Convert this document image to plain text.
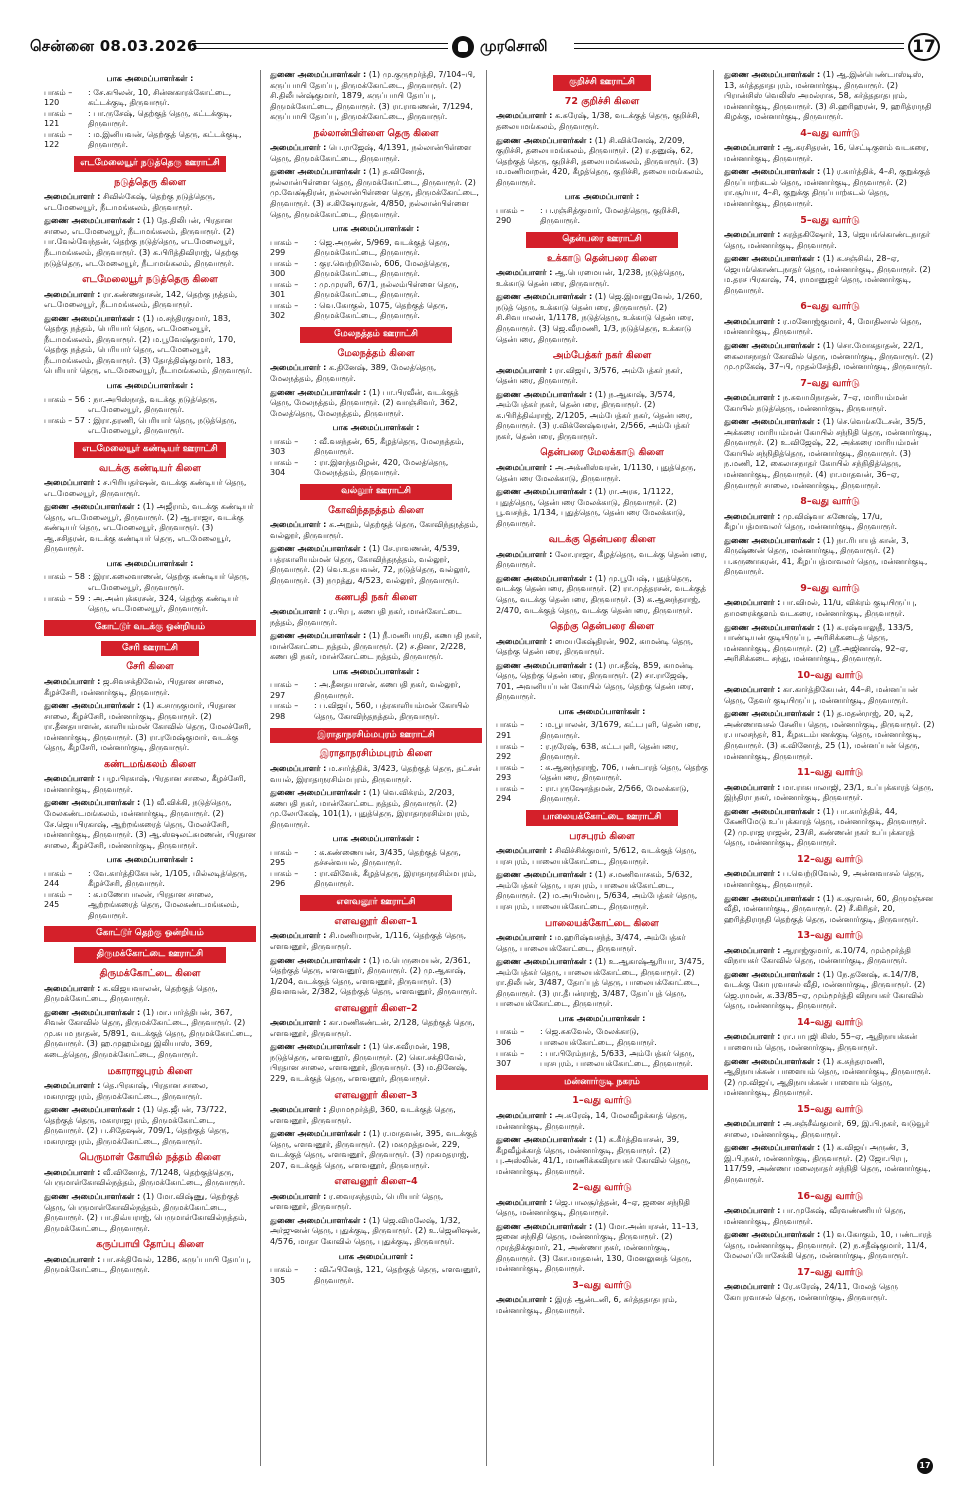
சென்னை 08.03.2026	முரசொலி	17
பாக அமைப்பாளர்கள் :
பாகம் – 120
: சே.கபிலன், 10, சின்னகாரக்கோட்டை, கட்டக்குடி, திருவாரூர்.
பாகம் – 121
: பா.ருசேஷ், தெற்குத் தெரு, கட்டக்குடி, திருவாரூர்.
பாகம் – 122
: ம.இனியவன், தெற்குத் தெரு, கட்டக்குடி, திருவாரூர்.
எடமேலையூர் நடுத்தெரு ஊராட்சி
நடுத்தெரு கிளை
அமைப்பாளர் : சிவில்கேஷ், தெற்கு நடுத்தெரு, எடமேலையூர், நீடாமங்கலம், திருவாரூர்.
துணை அமைப்பாளர்கள் : (1) தே.திலிபன், பிரதான சாலை, எடமேலையூர், நீடாமங்கலம், திருவாரூர். (2) பா.வேல்வேந்தன், தெற்கு நடுத்தெரு, எடமேலையூர், நீடாமங்கலம், திருவாரூர். (3) க.பிரித்திவிராஜ், தெற்கு நடுத்தெரு, எடமேலையூர், நீடாமங்கலம், திருவாரூர்.
எடமேலையூர் நடுத்தெரு கிளை
அமைப்பாளர் : ரா.கண்ணதாசன், 142, தெற்கு நத்தம், எடமேலையூர், நீடாமங்கலம், திருவாரூர்.
துணை அமைப்பாளர்கள் : (1) ம.சந்திரகுமார், 183, தெற்கு நத்தம், பெரியார் தெரு, எடமேலையூர், நீடாமங்கலம், திருவாரூர். (2) ம.பூவேஷ்குமார், 170, தெற்கு நத்தம், பெரியார் தெரு, எடமேலையூர், நீடாமங்கலம், திருவாரூர். (3) தோத்திஷ்குமார், 183, பெரியார் தெரு, எடமேலையூர், நீடாமங்கலம், திருவாரூர்.
பாக அமைப்பாளர்கள் :
பாகம் – 56 : நா.அபிஸ்நாத், வடக்கு நடுத்தெரு, எடமேலையூர், திருவாரூர்.
பாகம் – 57 : இரா.தரணி, பெரியார் தெரு, நடுத்தெரு, எடமேலையூர், திருவாரூர்.
எடமேலையூர் கண்டியர் ஊராட்சி
வடக்கு கண்டியர் கிளை
அமைப்பாளர் : ச.பிரியதர்ஷன், வடக்கு கண்டியர் தெரு, எடமேலையூர், திருவாரூர்.
துணை அமைப்பாளர்கள் : (1) அஜீராம், வடக்கு கண்டியர் தெரு, எடமேலையூர், திருவாரூர். (2) ஆ.ராஜா, வடக்கு கண்டியர் தெரு, எடமேலையூர், திருவாரூர். (3) ஆ.சசிதரன், வடக்கு கண்டியர் தெரு, எடமேலையூர், திருவாரூர்.
பாக அமைப்பாளர்கள் :
பாகம் – 58 : இரா.கலைவாணன், தெற்கு கண்டியர் தெரு, எடமேலையூர், திருவாரூர்.
பாகம் – 59 : அ.அன்புக்கரசன், 324, தெற்கு கண்டியர் தெரு, எடமேலையூர், திருவாரூர்.
கோட்டூர் வடக்கு ஒன்றியம்
சேரி ஊராட்சி
சேரி கிளை
அமைப்பாளர் : ஜ.சிவசக்திவேல், பிரதான சாலை, கீழச்சேரி, மன்னார்குடி, திருவாரூர்.
துணை அமைப்பாளர்கள் : (1) க.சாருகுமார், பிரதான சாலை, கீழச்சேரி, மன்னார்குடி, திருவாரூர். (2) ரா.தீனதயாளன், காளியம்மன் கோவில் தெரு, மேலச்சேரி, மன்னார்குடி, திருவாரூர். (3) ரா.ரமேஷ்குமார், வடக்கு தெரு, கீழசேரி, மன்னார்குடி, திருவாரூர்.
கண்டமங்கலம் கிளை
அமைப்பாளர் : பழ.பிரகாஷ், பிரதான சாலை, கீழச்சேரி, மன்னார்குடி, திருவாரூர்.
துணை அமைப்பாளர்கள் : (1) வீ.விக்கி, நடுத்தெரு, மேலகண்டமங்கலம், மன்னார்குடி, திருவாரூர். (2) சே.ஜெயபிரகாஷ், ஆற்றங்கரைத் தெரு, மேலச்சேரி, மன்னார்குடி, திருவாரூர். (3) ஆ.ஸ்ஷலட்சுமணன், பிரதான சாலை, கீழச்சேரி, மன்னார்குடி, திருவாரூர்.
பாக அமைப்பாளர்கள் :
பாகம் – 244
: வே.கார்த்திகேயன், 1/105, மில்லடித்தெரு, கீழச்சேரி, திருவாரூர்.
பாகம் – 245
: க.மணோபாலன், பிரதான சாலை, ஆற்றங்கரைத் தெரு, மேலகண்டமங்கலம், திருவாரூர்.
கோட்டூர் தெற்கு ஒன்றியம்
திருமக்கோட்டை ஊராட்சி
திருமக்கோட்டை கிளை
அமைப்பாளர் : க.விஜயவாலன், தெற்குத் தெரு, திருமக்கோட்டை, திருவாரூர்.
துணை அமைப்பாளர்கள் : (1) மா.பார்த்திபன், 367, சிவன் கோவில் தெரு, திருமக்கோட்டை, திருவாரூர். (2) மு.சுபம நாதன், 5/891, வடக்குத் தெரு, திருமக்கோட்டை, திருவாரூர். (3) ஹ.முஹம்மது இலியாஸ், 369, கடைத்தெரு, திருமக்கோட்டை, திருவாரூர்.
மகாராஜபுரம் கிளை
அமைப்பாளர் : தெ.பிரகாஷ், பிரதான சாலை, மகாராஜபுரம், திருமக்கோட்டை, திருவாரூர்.
துணை அமைப்பாளர்கள் : (1) தெ.ஜீபன், 73/722, தெற்குத் தெரு, மகாராஜபுரம், திருமக்கோட்டை, திருவாரூர். (2) ப.சிதேஷன், 709/1, தெற்குத் தெரு, மகாராஜபுரம், திருமக்கோட்டை, திருவாரூர்.
பெருமாள் கோயில் நத்தம் கிளை
அமைப்பாளர் : வீ.வினோத், 7/1248, தெற்குத்தெரு, பெருமாள்கோவில்நத்தம், திருமக்கோட்டை, திருவாரூர்.
துணை அமைப்பாளர்கள் : (1) மோ.விஷ்ணு, தெற்குத் தெரு, பெருமாள்கோவில்நத்தம், திருமக்கோட்டை, திருவாரூர். (2) பா.திவ்யராஜ், பெருமாள்கோவில்நத்தம், திருமக்கோட்டை, திருவாரூர்.
கருப்பாயி தோப்பு கிளை
அமைப்பாளர் : பா.சக்திவேல், 1286, கருப்பாயி தோப்பு, திருமக்கோட்டை, திருவாரூர்.
துணை அமைப்பாளர்கள் : (1) மு.குருமூர்த்தி, 7/104–பி, கருப்பாயி தோப்பு, திருமக்கோட்டை, திருவாரூர். (2) சி.திலீபன்ஷ்குமார், 1879, கருப்பாயி தோப்பு, திருமக்கோட்டை, திருவாரூர். (3) ரா.ராவணன், 7/1294, கருப்பாயி தோப்பு, திருமக்கோட்டை, திருவாரூர்.
நல்லான்பிள்ளை தெரு கிளை
அமைப்பாளர் : பெ.ராஜேஷ், 4/1391, நல்லான்பிள்ளை தெரு, திருமக்கோட்டை, திருவாரூர்.
துணை அமைப்பாளர்கள் : (1) த.வினோத், நல்லான்பிள்ளை தெரு, திருமக்கோட்டை, திருவாரூர். (2) மு.வேக்ஷ்திரன், நல்லான்பிள்ளை தெரு, திருமக்கோட்டை, திருவாரூர். (3) ச.கிஷோரதன், 4/850, நல்லான்பிள்ளை தெரு, திருமக்கோட்டை, திருவாரூர்.
பாக அமைப்பாளர்கள் :
பாகம் – 299
: ஜெ.அருண், 5/969, வடக்குத் தெரு, திருமக்கோட்டை, திருவாரூர்.
பாகம் – 300
: குர.வெற்றிவேல், 606, மேலத்தெரு, திருமக்கோட்டை, திருவாரூர்.
பாகம் – 301
: மு.முரளி, 67/1, நல்லம்பிள்ளை தெரு, திருமக்கோட்டை, திருவாரூர்.
பாகம் – 302
: வெ.கோகுல், 1075, தெற்குத் தெரு, திருமக்கோட்டை, திருவாரூர்.
மேலநத்தம் ஊராட்சி
மேலநத்தம் கிளை
அமைப்பாளர் : க.தினேஷ், 389, மேலத்தெரு, மேலநத்தம், திருவாரூர்.
துணை அமைப்பாளர்கள் : (1) பா.பிரவீன், வடக்குத் தெரு, மேலநத்தம், திருவாரூர். (2) வாஞ்சிவர், 362, மேலத்தெரு, மேலநத்தம், திருவாரூர்.
பாக அமைப்பாளர்கள் :
பாகம் – 303
: வீ.வசந்தன், 65, கீழத்தெரு, மேலநத்தம், திருவாரூர்.
பாகம் – 304
: ரா.இளந்தமிழன், 420, மேலத்தெரு, மேலநத்தம், திருவாரூர்.
வல்லூர் ஊராட்சி
கோவிந்தநத்தம் கிளை
அமைப்பாளர் : க.அறும், தெற்குத் தெரு, கோவிந்தநத்தம், வல்லூர், திருவாரூர்.
துணை அமைப்பாளர்கள் : (1) சே.ராவணன், 4/539, பத்ரகாளியம்மன் தெரு, கோவிந்தநத்தம், வல்லூர், திருவாரூர். (2) வெ.உதயவன், 72, நடுத்தெரு, வல்லூர், திருவாரூர். (3) நமுத்து, 4/523, வல்லூர், திருவாரூர்.
கணபதி நகர் கிளை
அமைப்பாளர் : ர.பிரபு, கணபதி நகர், மான்கோட்டை நத்தம், திருவாரூர்.
துணை அமைப்பாளர்கள் : (1) நீ.மணிபாரதி, கணபதி நகர், மான்கோட்டை நத்தம், திருவாரூர். (2) ச.தினா, 2/228, கணபதி நகர், மான்கோட்டை நத்தம், திருவாரூர்.
பாக அமைப்பாளர்கள் :
பாகம் – 297
: அ.தீனதயாளன், கணபதி நகர், வல்லூர், திருவாரூர்.
பாகம் – 298
: ப.விஜய், 560, பத்ரகாளியம்மன் கோயில் தெரு, கோவிந்தநத்தம், திருவாரூர்.
இராதாநரசிம்மபுரம் ஊராட்சி
இராதாநரசிம்மபுரம் கிளை
அமைப்பாளர் : ம.சார்த்திக், 3/423, தெற்குத் தெரு, தட்சன் வயல், இராதாநரசிம்மபுரம், திருவாரூர்.
துணை அமைப்பாளர்கள் : (1) வெ.விக்ரம், 2/203, கணபதி நகர், மான்கோட்டை நத்தம், திருவாரூர். (2) மு.லோகேஷ், 101(1), புதுத்தெரு, இராதாநரசிம்மபுரம், திருவாரூர்.
பாக அமைப்பாளர்கள் :
பாகம் – 295
: க.கண்ணையன், 3/435, தெற்குத் தெரு, தச்சன்வயல், திருவாரூர்.
பாகம் – 296
: ரா.விவேக், கீழத்தெரு, இராதாநரசிம்மபுரம், திருவாரூர்.
எளவனூர் ஊராட்சி
எளவனூர் கிளை–1
அமைப்பாளர் : சி.மணிமாறன், 1/116, தெற்குத் தெரு, எளவனூர், திருவாரூர்.
துணை அமைப்பாளர்கள் : (1) ம.பெருமையன், 2/361, தெற்குத் தெரு, எளவனூர், திருவாரூர். (2) மு.ஆகாஷ், 1/204, வடக்குத் தெரு, எளவனூர், திருவாரூர். (3) திவளவன், 2/382, தெற்குத் தெரு, எளவனூர், திருவாரூர்.
எளவனூர் கிளை–2
அமைப்பாளர் : கா.மணிகண்டன், 2/128, தெற்குத் தெரு, எளவனூர், திருவாரூர்.
துணை அமைப்பாளர்கள் : (1) செ.சுவீரமன், 198, நடுத்தெரு, எளவனூர், திருவாரூர். (2) கொ.சக்திவேல், பிரதான சாலை, எளவனூர், திருவாரூர். (3) ம.தினேஷ், 229, வடக்குத் தெரு, எளவனூர், திருவாரூர்.
எளவனூர் கிளை–3
அமைப்பாளர் : திராமமூர்த்தி, 360, வடக்குத் தெரு, எளவனூர், திருவாரூர்.
துணை அமைப்பாளர்கள் : (1) ர.மாதவன், 395, வடக்குத் தெரு, எளவனூர், திருவாரூர். (2) மகமுத்தமன், 229, வடக்குத் தெரு, எளவனூர், திருவாரூர். (3) முகமதராஜ், 207, வடக்குத் தெரு, எளவனூர், திருவாரூர்.
எளவனூர் கிளை–4
அமைப்பாளர் : ர.வைரசுந்தரம், பெரியார் தெரு, எளவனூர், திருவாரூர்.
துணை அமைப்பாளர்கள் : (1) ஜெ.விமலேஷ், 1/32, அர்ஜுனன் தெரு, புதுக்குடி, திருவாரூர். (2) உ.ஜெனிஷன், 4/576, மாதா கோவில் தெரு, புதுக்குடி, திருவாரூர்.
பாக அமைப்பாளர் :
பாகம் – 305
: விஃபினேத், 121, தெற்குத் தெரு, எளவனூர், திருவாரூர்.
குறிச்சி ஊராட்சி
72 குறிச்சி கிளை
அமைப்பாளர் : க.சுரேஷ், 1/38, வடக்குத் தெரு, குறிச்சி, தலையமங்கலம், திருவாரூர்.
துணை அமைப்பாளர்கள் : (1) சி.விக்னேஷ், 2/209, குறிச்சி, தலையமங்கலம், திருவாரூர். (2) ர.தனுஷ், 62, தெற்குத் தெரு, குறிச்சி, தலையமங்கலம், திருவாரூர். (3) ம.மணிமாறன், 420, கீழத்தெரு, குறிச்சி, தலையமங்கலம், திருவாரூர்.
பாக அமைப்பாளர் :
பாகம் – 290
: ப.ரஞ்சித்குமார், மேலத்தெரு, குறிச்சி, திருவாரூர்.
தென்பரை ஊராட்சி
உக்காடு தென்பரை கிளை
அமைப்பாளர் : ஆ.பெரமையன், 1/238, நடுத்தெரு, உக்காடு தென்பரை, திருவாரூர்.
துணை அமைப்பாளர்கள் : (1) ஜெ.இமானுவேல், 1/260, நடுத் தெரு, உக்காடு தென்பரை, திருவாரூர். (2) சி.சிவபாலன், 1/1178, நடுத்தெரு, உக்காடு தென்பரை, திருவாரூர். (3) ஜெ.வீரமணி, 1/3, நடுத்தெரு, உக்காடு தென்பரை, திருவாரூர்.
அம்பேத்கர் நகர் கிளை
அமைப்பாளர் : ரா.விஜய், 3/576, அம்பேத்கர் நகர், தென்பரை, திருவாரூர்.
துணை அமைப்பாளர்கள் : (1) ந.ஆகாஷ், 3/574, அம்பேத்கர் நகர், தென்பரை, திருவாரூர். (2) க.பிரித்திவ்ராஜ், 2/1205, அம்பேத்கர் நகர், தென்பரை, திருவாரூர். (3) ர.விக்னேஷ்வரன், 2/566, அம்பேத்கர் நகர், தென்பரை, திருவாரூர்.
தென்பரை மேலக்காடு கிளை
அமைப்பாளர் : அ.அக்னிஸ்வரன், 1/1130, புதுத்தெரு, தென்பரை மேலக்காடு, திருவாரூர்.
துணை அமைப்பாளர்கள் : (1) ரா.அரசு, 1/1122, புதுத்தெரு, தென்பரை மேலக்காடு, திருவாரூர். (2) பூ.வசந்த், 1/134, புதுத்தெரு, தென்பரை மேலக்காடு, திருவாரூர்.
வடக்கு தென்பரை கிளை
அமைப்பாளர் : லோ.ராஜா, கீழத்தெரு, வடக்கு தென்பரை, திருவாரூர்.
துணை அமைப்பாளர்கள் : (1) மு.பூபேஷ், புதுத்தெரு, வடக்கு தென்பரை, திருவாரூர். (2) ரா.முத்தரசன், வடக்குத் தெரு, வடக்கு தென்பரை, திருவாரூர். (3) க.ஆனந்தராஜ், 2/470, வடக்குத் தெரு, வடக்கு தென்பரை, திருவாரூர்.
தெற்கு தென்பரை கிளை
அமைப்பாளர் : மையகேஷ்திரன், 902, காமன்டி தெரு, தெற்கு தென்பரை, திருவாரூர்.
துணை அமைப்பாளர்கள் : (1) ரா.சதீஷ், 859, காமன்டி தெரு, தெற்கு தென்பரை, திருவாரூர். (2) சா.ராஜேஷ், 701, அவனியப்பன் கோயில் தெரு, தெற்கு தென்பரை, திருவாரூர்.
பாக அமைப்பாளர்கள் :
பாகம் – 291
: ம.பூபாலன், 3/1679, கட்டபுளி, தென்பரை, திருவாரூர்.
பாகம் – 292
: ர.நரேஷ், 638, கட்டபுளி, தென்பரை, திருவாரூர்.
பாகம் – 293
: க.ஆனந்தராஜ், 706, பண்டாரத் தெரு, தெற்கு தென்பரை, திருவாரூர்.
பாகம் – 294
: ரா.புருஷோத்தமன், 2/566, மேலக்காடு, திருவாரூர்.
பாலையக்கோட்டை ஊராட்சி
பரசபுரம் கிளை
அமைப்பாளர் : சிவிச்சிக்குமார், 5/612, வடக்குத் தெரு, பரசபுரம், பாலையக்கோட்டை, திருவாரூர்.
துணை அமைப்பாளர்கள் : (1) ச.மணிவாசகம், 5/632, அம்பேத்கர் தெரு, பரசபுரம், பாலையக்கோட்டை, திருவாரூர். (2) ம.அபிமன்யு, 5/634, அம்பேத்கர் தெரு, பரசபுரம், பாலையக்கோட்டை, திருவாரூர்.
பாலையக்கோட்டை கிளை
அமைப்பாளர் : ம.ஹரிஷ்வசந்த், 3/474, அம்பேத்கர் தெரு, பாலையக்கோட்டை, திருவாரூர்.
துணை அமைப்பாளர்கள் : (1) உ.ஆகாஷ்ஆரியா, 3/475, அம்பேத்கர் தெரு, பாலையக்கோட்டை, திருவாரூர். (2) ரா.திலீபன், 3/487, தோப்புத் தெரு, பாலையக்கோட்டை, திருவாரூர். (3) ரா.தீபன்ராஜ், 3/487, தோப்புத் தெரு, பாலையக்கோட்டை, திருவாரூர்.
பாக அமைப்பாளர்கள் :
பாகம் – 306
: ஜெ.சுகவேல், மேலக்காடு, பாலையக்கோட்டை, திருவாரூர்.
பாகம் – 307
: பா.பிரேம்நாத், 5/633, அம்பேத்கர் தெரு, பரசபுரம், பாலையக்கோட்டை, திருவாரூர்.
மன்னார்குடி நகரம்
1–வது வார்டு
அமைப்பாளர் : அ.சுரேஷ், 14, மேலவீழக்காத் தெரு, மன்னார்குடி, திருவாரூர்.
துணை அமைப்பாளர்கள் : (1) க.கீர்த்திவாசன், 39, கீழவீழ்க்காத் தெரு, மன்னார்குடி, திருவாரூர். (2) பு.அஸ்லின், 41/1, மாணிக்கவிநாயகர் கோவில் தெரு, மன்னார்குடி, திருவாரூர்.
2–வது வார்டு
அமைப்பாளர் : ஜெ.பாலசூர்த்தன், 4–ஏ, ஜனை சந்நிதி தெரு, மன்னார்குடி, திருவாரூர்.
துணை அமைப்பாளர்கள் : (1) மோ.அன்பரசன், 11–13, ஜனை சந்நிதி தெரு, மன்னார்குடி, திருவாரூர். (2) முரத்திக்குமார், 21, அண்ணா நகர், மன்னார்குடி, திருவாரூர். (3) கோ.மாதவன், 130, மேனலுனத் தெரு, மன்னார்குடி, திருவாரூர்.
3–வது வார்டு
அமைப்பாளர் : இரத் ஆன்டனி, 6, சுர்த்ததாதபுரம், மன்னார்குடி, திருவாரூர்.
துணை அமைப்பாளர்கள் : (1) ஆ.இன்பெண்டாஸ்டிஸ், 13, சுர்த்ததாதபுரம், மன்னார்குடி, திருவாரூர். (2) பிரான்சிஸ் வெலிஸ் அமல்ராசு, 58, சுர்த்ததாதபுரம், மன்னார்குடி, திருவாரூர். (3) சி.ஹரிஹரன், 9, ஹரித்ராநதி கிழக்கு, மன்னார்குடி, திருவாரூர்.
4–வது வார்டு
அமைப்பாளர் : ஆ.சுரசிதரன், 16, செட்டிகுளம் வடகரை, மன்னார்குடி, திருவாரூர்.
துணை அமைப்பாளர்கள் : (1) ர.கார்த்திக், 4–சி, குறுக்குத் திருப்பாற்கடல் தெரு, மன்னார்குடி, திருவாரூர். (2) ரா.சூர்யா, 4–சி, குறுக்கு திருப்பாற்கடல் தெரு, மன்னார்குடி, திருவாரூர்.
5–வது வார்டு
அமைப்பாளர் : சுரத்தகிஷோர், 13, ஜெயங்கொண்டநாதர் தெரு, மன்னார்குடி, திருவாரூர்.
துணை அமைப்பாளர்கள் : (1) க.சஞ்சிவ், 28–ஏ, ஜெயங்கொண்டநாதர் தெரு, மன்னார்குடி, திருவாரூர். (2) ம.தரச பிரகாஷ், 74, ராமானுஜர் தெரு, மன்னார்குடி, திருவாரூர்.
6–வது வார்டு
அமைப்பாளர் : ர.மனோஜ்குமார், 4, மோதிலால் தெரு, மன்னார்குடி, திருவாரூர்.
துணை அமைப்பாளர்கள் : (1) சொ.மோகதாதன், 22/1, கைலாசநாதர் கோவில் தெரு, மன்னார்குடி, திருவாரூர். (2) மு.முகேஷ், 37–பி, முதல்சேத்தி, மன்னார்குடி, திருவாரூர்.
7–வது வார்டு
அமைப்பாளர் : ந.சுவாமிநாதன், 7–ஏ, மாரியம்மன் கோயில் நடுத்தெரு, மன்னார்குடி, திருவாரூர்.
துணை அமைப்பாளர்கள் : (1) செ.வெங்கடேசன், 35/5, அக்கரை மாரியம்மன் கோயில் சந்நிதி தெரு, மன்னார்குடி, திருவாரூர். (2) உ.விஜேஷ், 22, அக்கரை மாரியம்மன் கோயில் சந்நிதித்தெரு, மன்னார்குடி, திருவாரூர். (3) ந.மணி, 12, கைலாசநாதர் கோயில் சந்நிதித்தெரு, மன்னார்குடி, திருவாரூர். (4) ரா.மாதவன், 36–ஏ, திருவாரூர் சாலை, மன்னார்குடி, திருவாரூர்.
8–வது வார்டு
அமைப்பாளர் : மு.விஷ்வா சுணேஷ், 17/u, கீழப்பத்மாவலர் தெரு, மன்னார்குடி, திருவாரூர்.
துணை அமைப்பாளர்கள் : (1) நா.ரிபாயத் கான், 3, கிருஷ்ணன் தெரு, மன்னார்குடி, திருவாரூர். (2) ப.சுருணாகரன், 41, கீழப்பத்மாவலர் தெரு, மன்னார்குடி, திருவாரூர்.
9–வது வார்டு
அமைப்பாளர் : பா.விமல், 11/u, விக்ரம் குடியிருப்பு, தாமரைக்குளம் வடகரை, மன்னார்குடி, திருவாரூர்.
துணை அமைப்பாளர்கள் : (1) க.ரஷ்வாலுதீ, 133/5, பாண்டியன் குடியிருப்பு, அரிசிக்கடைத் தெரு, மன்னார்குடி, திருவாரூர். (2) ஸ்ரீ.அஜினாஷ், 92–ஏ, அரிசிக்கடை சந்து, மன்னார்குடி, திருவாரூர்.
10–வது வார்டு
அமைப்பாளர் : கா.கார்த்திகேயன், 44–சி, மன்னப்பன் தெரு, தேவர் குடியிருப்பு, மன்னார்குடி, திருவாரூர்.
துணை அமைப்பாளர்கள் : (1) த.மதன்ராஜ், 20, டி2, அண்ணாவசல் சேனிய தெரு, மன்னார்குடி, திருவாரூர். (2) ர.பாலசந்தர், 81, கீழகடம்பனக்குடி தெரு, மன்னார்குடி, திருவாரூர். (3) க.வினோத், 25 (1), மன்னப்பன் தெரு, மன்னார்குடி, திருவாரூர்.
11–வது வார்டு
அமைப்பாளர் : மா.ராசுபாலாஜி, 23/1, உப்புக்காரத் தெரு, இந்திரா நகர், மன்னார்குடி, திருவாரூர்.
துணை அமைப்பாளர்கள் : (1) பா.கார்த்திக், 44, கேணிமேடு உப்புக்காரத் தெரு, மன்னார்குடி, திருவாரூர். (2) மு.ராஜ ராஜன், 23/சி, கண்ணன் நகர் உப்புக்காரத் தெரு, மன்னார்குடி, திருவாரூர்.
12–வது வார்டு
அமைப்பாளர் : ப.வெற்றிவேல், 9, அன்னவாசல் தெரு, மன்னார்குடி, திருவாரூர்.
துணை அமைப்பாளர்கள் : (1) க.சூரவன், 60, திருமஞ்சன வீதி, மன்னார்குடி, திருவாரூர். (2) சீ.கிரிதர், 20, ஹரித்திராநதி தெற்குத் தெரு, மன்னார்குடி, திருவாரூர்.
13–வது வார்டு
அமைப்பாளர் : ஆராஜ்குமார், க.10/74, மும்மூர்த்தி விநாயகர் கோவில் தெரு, மன்னார்குடி, திருவாரூர்.
துணை அமைப்பாளர்கள் : (1) நே.தனேஷ், க.14/7/8, வடக்கு கோபுரவாசல் வீதி, மன்னார்குடி, திருவாரூர். (2) ஜெ.ராமன், க.33/85–ஏ, மும்மூர்த்தி விநாயகர் கோவில் தெரு, மன்னார்குடி, திருவாரூர்.
14–வது வார்டு
அமைப்பாளர் : ரா.பாபுஜி கிஸ், 55–ஏ, ஆதிநாயக்கன் பாளையம் தெரு, மன்னார்குடி, திருவாரூர்.
துணை அமைப்பாளர்கள் : (1) க.சுந்தரமணி, ஆதிநாயக்கன் பாளையம் தெரு, மன்னார்குடி, திருவாரூர். (2) மு.விஜய், ஆதிநாயக்கன் பாளையம் தெரு, மன்னார்குடி, திருவாரூர்.
15–வது வார்டு
அமைப்பாளர் : அ.சஞ்சீவ்குமார், 69, இ.பி.நகர், வடுவூர் சாலை, மன்னார்குடி, திருவாரூர்.
துணை அமைப்பாளர்கள் : (1) க.விஜய் அருண், 3, இ.பி.நகர், மன்னார்குடி, திருவாரூர். (2) ஜோ.பிரபு, 117/59, அண்ணா மலைநாதர் சந்நிதி தெரு, மன்னார்குடி, திருவாரூர்.
16–வது வார்டு
அமைப்பாளர் : பா.முகேஷ், வீரவண்ணியர் தெரு, மன்னார்குடி, திருவாரூர்.
துணை அமைப்பாளர்கள் : (1) வ.கோகும், 10, பண்டாரத் தெரு, மன்னார்குடி, திருவாரூர். (2) ந.சதீஷ்குமார், 11/4, மேலலப்போசேக்கி தெரு, மன்னார்குடி, திருவாரூர்.
17–வது வார்டு
அமைப்பாளர் : ரே.சுரேஷ், 24/11, மேலத் தெரு கோபுரவாசல் தெரு, மன்னார்குடி, திருவாரூர்.
17
